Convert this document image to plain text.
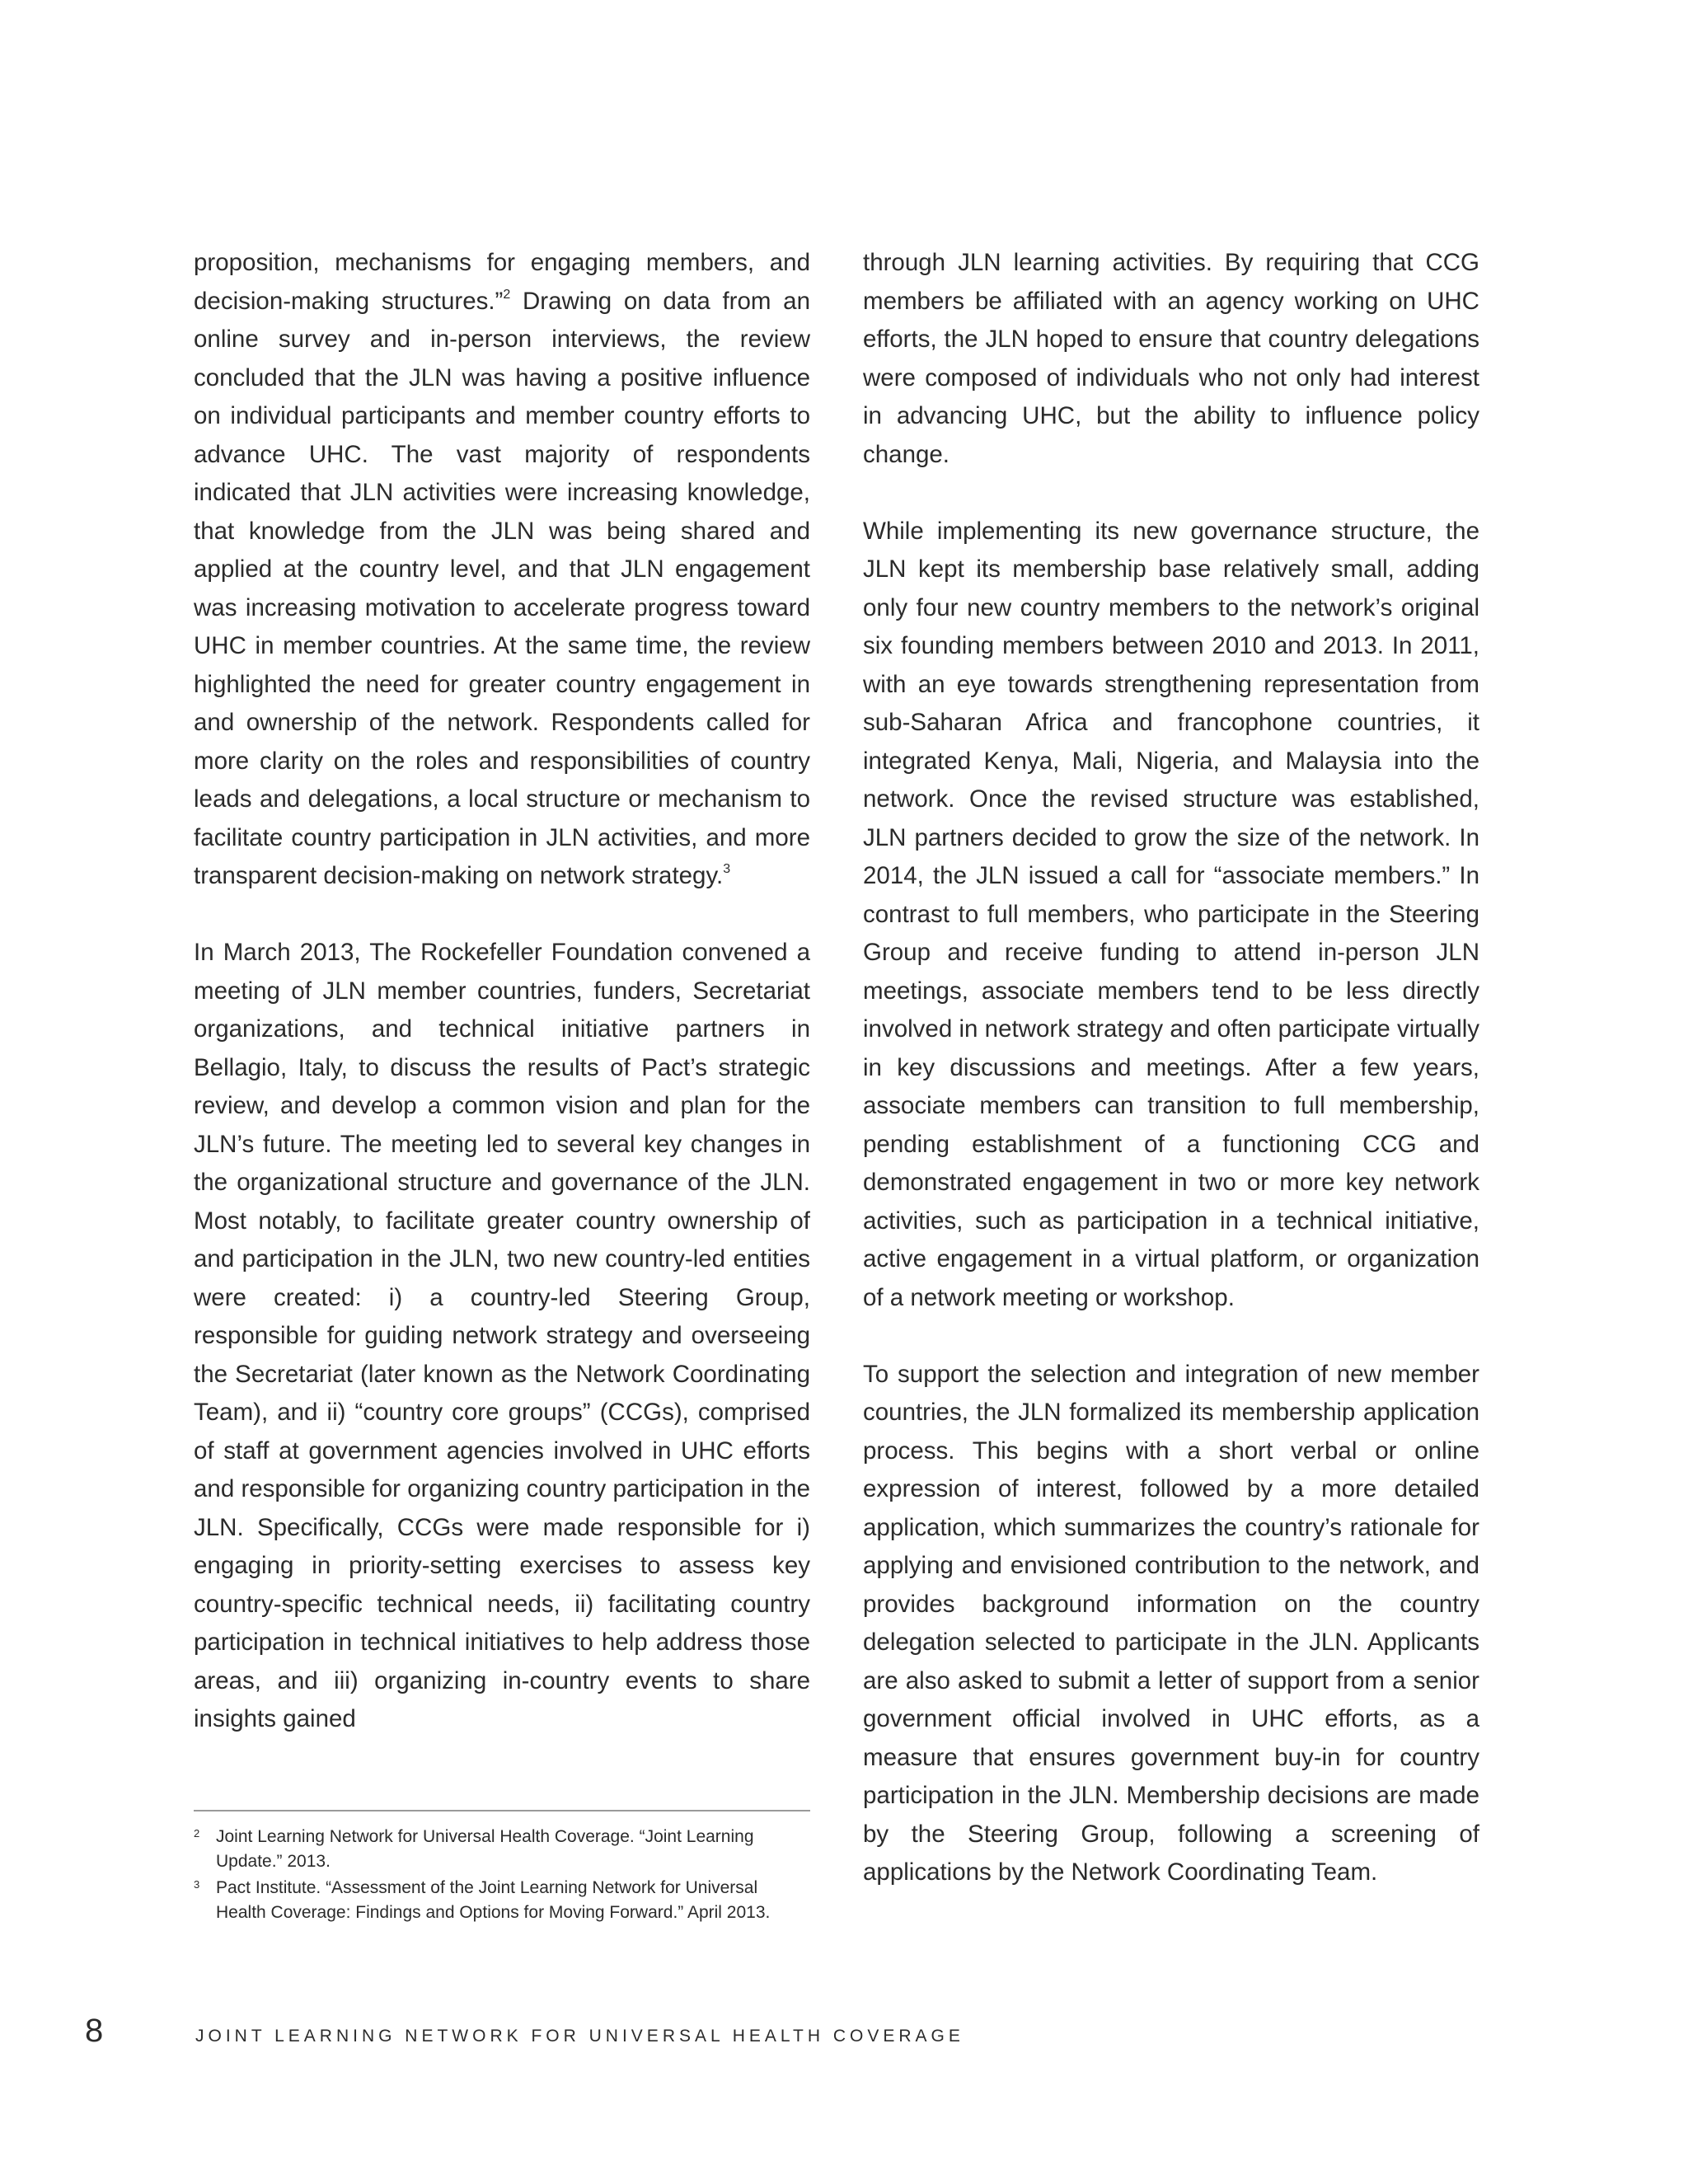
proposition, mechanisms for engaging members, and decision-making structures.”$^2$ Drawing on data from an online survey and in-person interviews, the review concluded that the JLN was having a positive influence on individual participants and member country efforts to advance UHC. The vast majority of respondents indicated that JLN activities were increasing knowledge, that knowledge from the JLN was being shared and applied at the country level, and that JLN engagement was increasing motivation to accelerate progress toward UHC in member countries. At the same time, the review highlighted the need for greater country engagement in and ownership of the network. Respondents called for more clarity on the roles and responsibilities of country leads and delegations, a local structure or mechanism to facilitate country participation in JLN activities, and more transparent decision-making on network strategy.$^3$

In March 2013, The Rockefeller Foundation convened a meeting of JLN member countries, funders, Secretariat organizations, and technical initiative partners in Bellagio, Italy, to discuss the results of Pact’s strategic review, and develop a common vision and plan for the JLN’s future. The meeting led to several key changes in the organizational structure and governance of the JLN. Most notably, to facilitate greater country ownership of and participation in the JLN, two new country-led entities were created: i) a country-led Steering Group, responsible for guiding network strategy and overseeing the Secretariat (later known as the Network Coordinating Team), and ii) “country core groups” (CCGs), comprised of staff at government agencies involved in UHC efforts and responsible for organizing country participation in the JLN. Specifically, CCGs were made responsible for i) engaging in priority-setting exercises to assess key country-specific technical needs, ii) facilitating country participation in technical initiatives to help address those areas, and iii) organizing in-country events to share insights gained

2 Joint Learning Network for Universal Health Coverage. “Joint Learning Update.” 2013.
3 Pact Institute. “Assessment of the Joint Learning Network for Universal Health Coverage: Findings and Options for Moving Forward.” April 2013.

through JLN learning activities. By requiring that CCG members be affiliated with an agency working on UHC efforts, the JLN hoped to ensure that country delegations were composed of individuals who not only had interest in advancing UHC, but the ability to influence policy change.

While implementing its new governance structure, the JLN kept its membership base relatively small, adding only four new country members to the network’s original six founding members between 2010 and 2013. In 2011, with an eye towards strengthening representation from sub-Saharan Africa and francophone countries, it integrated Kenya, Mali, Nigeria, and Malaysia into the network. Once the revised structure was established, JLN partners decided to grow the size of the network. In 2014, the JLN issued a call for “associate members.” In contrast to full members, who participate in the Steering Group and receive funding to attend in-person JLN meetings, associate members tend to be less directly involved in network strategy and often participate virtually in key discussions and meetings. After a few years, associate members can transition to full membership, pending establishment of a functioning CCG and demonstrated engagement in two or more key network activities, such as participation in a technical initiative, active engagement in a virtual platform, or organization of a network meeting or workshop.

To support the selection and integration of new member countries, the JLN formalized its membership application process. This begins with a short verbal or online expression of interest, followed by a more detailed application, which summarizes the country’s rationale for applying and envisioned contribution to the network, and provides background information on the country delegation selected to participate in the JLN. Applicants are also asked to submit a letter of support from a senior government official involved in UHC efforts, as a measure that ensures government buy-in for country participation in the JLN. Membership decisions are made by the Steering Group, following a screening of applications by the Network Coordinating Team.

8	JOINT LEARNING NETWORK FOR UNIVERSAL HEALTH COVERAGE
